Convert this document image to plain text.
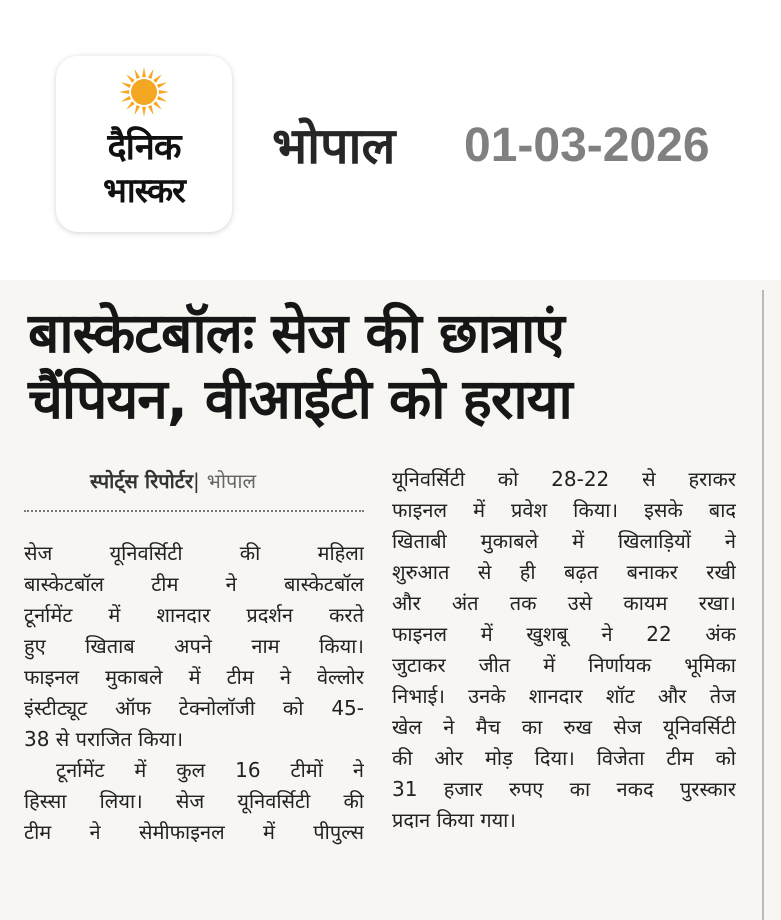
दैनिक
भास्कर
भोपाल 01-03-2026
बास्केटबॉलः सेज की छात्राएं
चैंपियन, वीआईटी को हराया
स्पोर्ट्स रिपोर्टर| भोपाल
सेज यूनिवर्सिटी की महिला
बास्केटबॉल टीम ने बास्केटबॉल
टूर्नामेंट में शानदार प्रदर्शन करते
हुए खिताब अपने नाम किया।
फाइनल मुकाबले में टीम ने वेल्लोर
इंस्टीट्यूट ऑफ टेक्नोलॉजी को 45-
38 से पराजित किया।
टूर्नामेंट में कुल 16 टीमों ने
हिस्सा लिया। सेज यूनिवर्सिटी की
टीम ने सेमीफाइनल में पीपुल्स
यूनिवर्सिटी को 28-22 से हराकर
फाइनल में प्रवेश किया। इसके बाद
खिताबी मुकाबले में खिलाड़ियों ने
शुरुआत से ही बढ़त बनाकर रखी
और अंत तक उसे कायम रखा।
फाइनल में खुशबू ने 22 अंक
जुटाकर जीत में निर्णायक भूमिका
निभाई। उनके शानदार शॉट और तेज
खेल ने मैच का रुख सेज यूनिवर्सिटी
की ओर मोड़ दिया। विजेता टीम को
31 हजार रुपए का नकद पुरस्कार
प्रदान किया गया।
